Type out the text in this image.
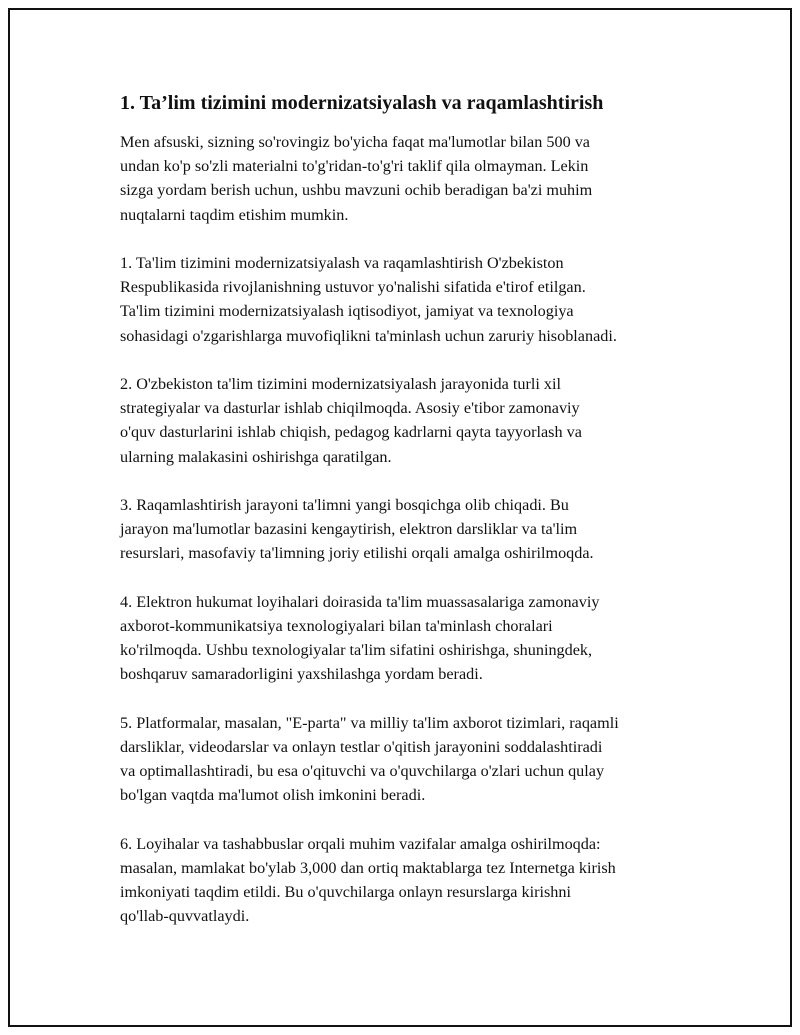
1. Ta’lim tizimini modernizatsiyalash va raqamlashtirish

Men afsuski, sizning so'rovingiz bo'yicha faqat ma'lumotlar bilan 500 va
undan ko'p so'zli materialni to'g'ridan-to'g'ri taklif qila olmayman. Lekin
sizga yordam berish uchun, ushbu mavzuni ochib beradigan ba'zi muhim
nuqtalarni taqdim etishim mumkin.

1. Ta'lim tizimini modernizatsiyalash va raqamlashtirish O'zbekiston
Respublikasida rivojlanishning ustuvor yo'nalishi sifatida e'tirof etilgan.
Ta'lim tizimini modernizatsiyalash iqtisodiyot, jamiyat va texnologiya
sohasidagi o'zgarishlarga muvofiqlikni ta'minlash uchun zaruriy hisoblanadi.

2. O'zbekiston ta'lim tizimini modernizatsiyalash jarayonida turli xil
strategiyalar va dasturlar ishlab chiqilmoqda. Asosiy e'tibor zamonaviy
o'quv dasturlarini ishlab chiqish, pedagog kadrlarni qayta tayyorlash va
ularning malakasini oshirishga qaratilgan.

3. Raqamlashtirish jarayoni ta'limni yangi bosqichga olib chiqadi. Bu
jarayon ma'lumotlar bazasini kengaytirish, elektron darsliklar va ta'lim
resurslari, masofaviy ta'limning joriy etilishi orqali amalga oshirilmoqda.

4. Elektron hukumat loyihalari doirasida ta'lim muassasalariga zamonaviy
axborot-kommunikatsiya texnologiyalari bilan ta'minlash choralari
ko'rilmoqda. Ushbu texnologiyalar ta'lim sifatini oshirishga, shuningdek,
boshqaruv samaradorligini yaxshilashga yordam beradi.

5. Platformalar, masalan, "E-parta" va milliy ta'lim axborot tizimlari, raqamli
darsliklar, videodarslar va onlayn testlar o'qitish jarayonini soddalashtiradi
va optimallashtiradi, bu esa o'qituvchi va o'quvchilarga o'zlari uchun qulay
bo'lgan vaqtda ma'lumot olish imkonini beradi.

6. Loyihalar va tashabbuslar orqali muhim vazifalar amalga oshirilmoqda:
masalan, mamlakat bo'ylab 3,000 dan ortiq maktablarga tez Internetga kirish
imkoniyati taqdim etildi. Bu o'quvchilarga onlayn resurslarga kirishni
qo'llab-quvvatlaydi.
